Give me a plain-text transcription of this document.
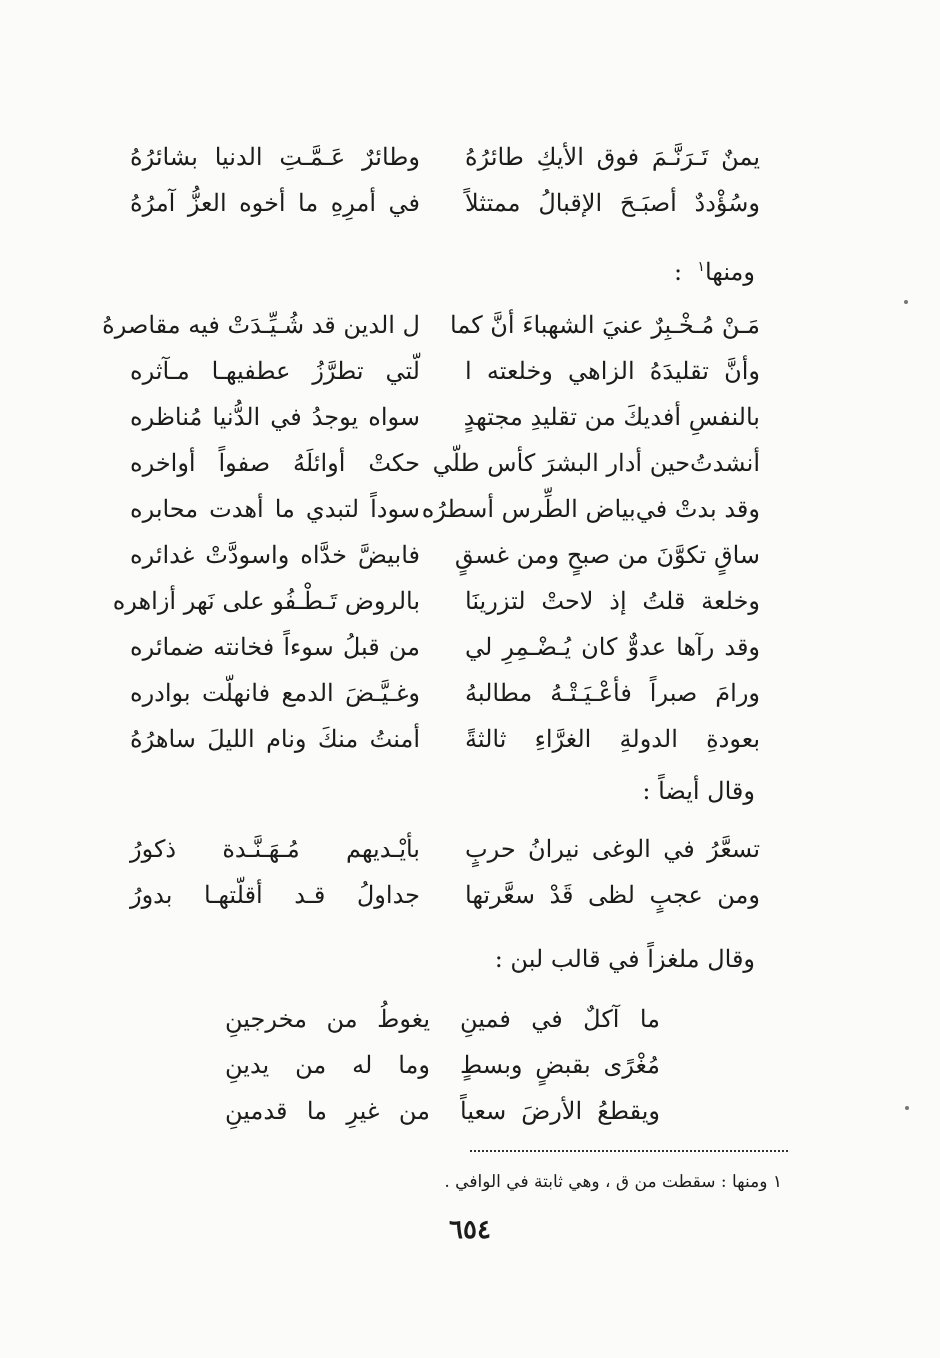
يمنٌ تَـرَنَّـمَ فوق الأيكِ طائرُهُ
وطائرٌ عَـمَّـتِ الدنيا بشائرُهُ
وسُؤْددٌ أصبَـحَ الإقبالُ ممتثلاً
في أمرِهِ ما أخوه العزُّ آمرُهُ
ومنها$^١$  :
مَـنْ مُـخْـبِرٌ عنيَ الشهباءَ أنَّ كما
ل الدين قد شُـيِّـدَتْ فيه مقاصرهُ
وأنَّ تقليدَهُ الزاهي وخلعته ا
لّتي تطرَّزُ عطفيهـا مـآثره
بالنفسِ أفديكَ من تقليدِ مجتهدٍ
سواه يوجدُ في الدُّنيا مُناظره
أنشدتُ‌حين أدار البشرَ كأس طلّي
حكتْ أوائلَهُ صفواً أواخره
وقد بدتْ في‌بياض الطِّرس أسطرُه
سوداً لتبدي ما أهدت محابره
ساقٍ تكوَّنَ من صبحٍ ومن غسقٍ
فابيضَّ خدَّاه واسودَّتْ غدائره
وخلعة قلتُ إذ لاحتْ لتزرينَا
بالروض تَـطْـفُو على نَهر أزاهره
وقد رآها عدوٌّ كان يُـضْـمِرِ لي
من قبلُ سوءاً فخانته ضمائره
ورامَ صبراً فأعْـيَـتْـهُ مطالبهُ
وغـيَّـضَ الدمع فانهلّت بوادره
بعودةِ الدولةِ الغرَّاءِ ثالثةً
أمنتُ منكَ ونام الليلَ ساهرُهُ
وقال أيضاً :
تسعَّرُ في الوغى نيرانُ حربٍ
بأيْـديهم مُـهَـنَّـدة ذكورُ
ومن عجبٍ لظى قَدْ سعَّرتها
جداولُ قـد أقلّتهـا بدورُ
وقال ملغزاً في قالب لبن :
ما آكلٌ في فمينِ
يغوطُ من مخرجينِ
مُغْرًى بقبضٍ وبسطٍ
وما له من يدينِ
ويقطعُ الأرضَ سعياً
من غيرِ ما قدمينِ
١ ومنها : سقطت من ق ، وهي ثابتة في الوافي .
٦٥٤
